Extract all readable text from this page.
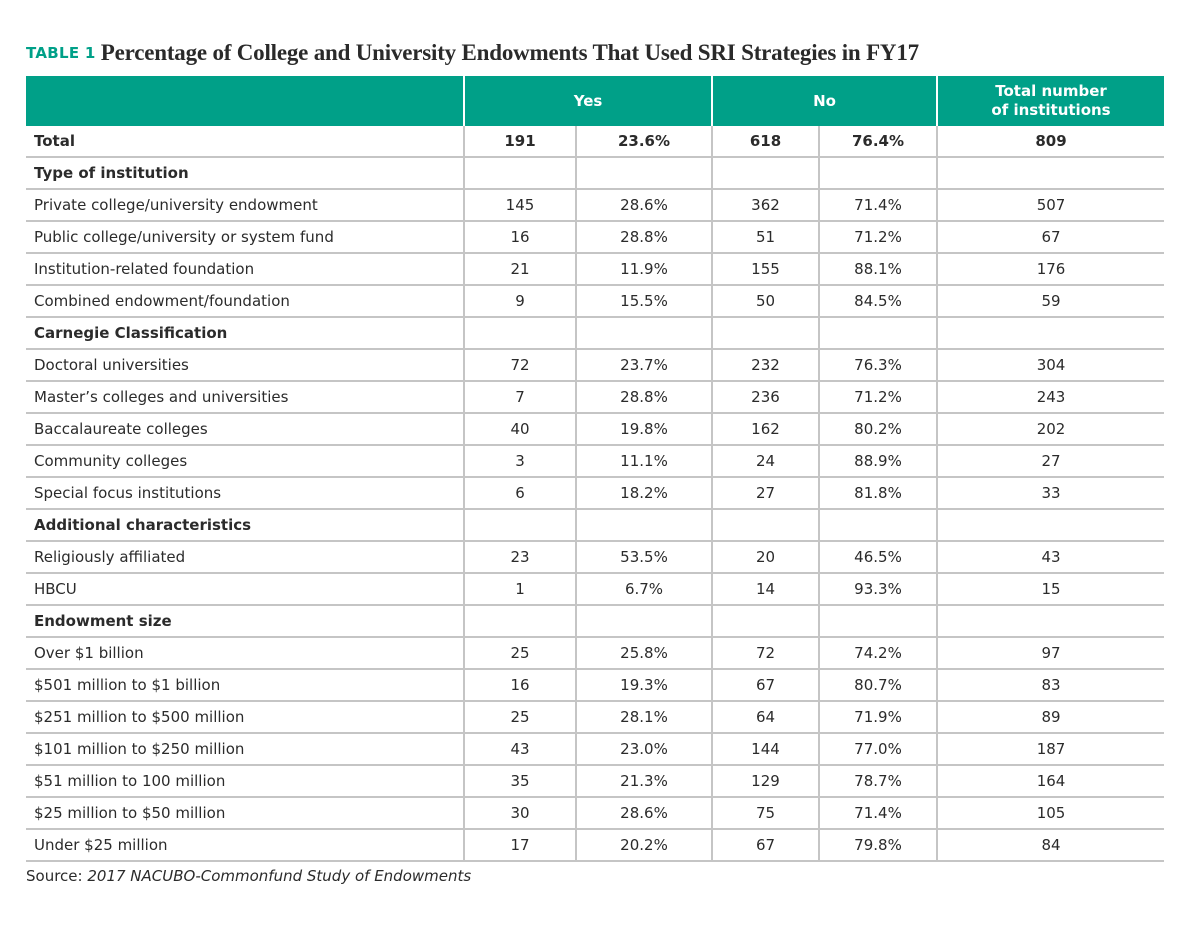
TABLE 1 Percentage of College and University Endowments That Used SRI Strategies in FY17
	Yes		No		Total number
of institutions
Total	191	23.6%	618	76.4%	809
Type of institution					
Private college/university endowment	145	28.6%	362	71.4%	507
Public college/university or system fund	16	28.8%	51	71.2%	67
Institution-related foundation	21	11.9%	155	88.1%	176
Combined endowment/foundation	9	15.5%	50	84.5%	59
Carnegie Classification					
Doctoral universities	72	23.7%	232	76.3%	304
Master’s colleges and universities	7	28.8%	236	71.2%	243
Baccalaureate colleges	40	19.8%	162	80.2%	202
Community colleges	3	11.1%	24	88.9%	27
Special focus institutions	6	18.2%	27	81.8%	33
Additional characteristics					
Religiously affiliated	23	53.5%	20	46.5%	43
HBCU	1	6.7%	14	93.3%	15
Endowment size					
Over $1 billion	25	25.8%	72	74.2%	97
$501 million to $1 billion	16	19.3%	67	80.7%	83
$251 million to $500 million	25	28.1%	64	71.9%	89
$101 million to $250 million	43	23.0%	144	77.0%	187
$51 million to 100 million	35	21.3%	129	78.7%	164
$25 million to $50 million	30	28.6%	75	71.4%	105
Under $25 million	17	20.2%	67	79.8%	84
Source: 2017 NACUBO-Commonfund Study of Endowments
